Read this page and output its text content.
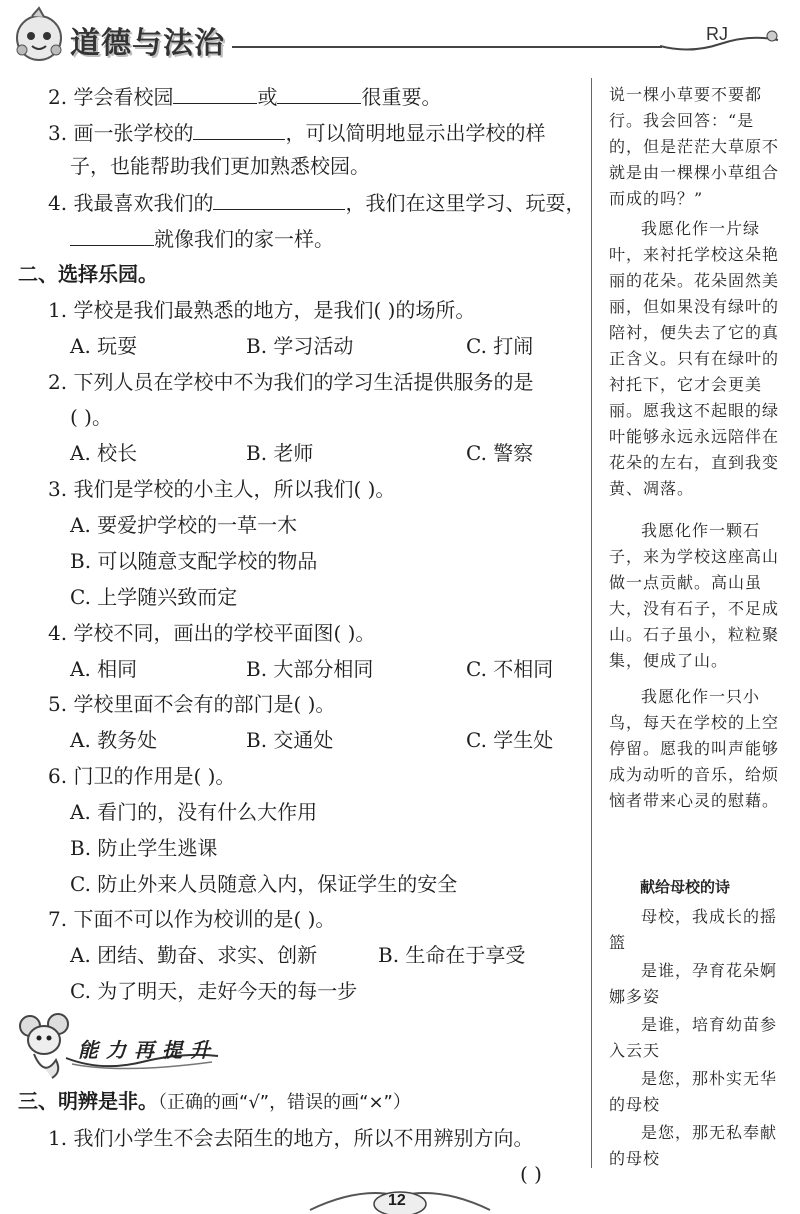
道德与法治	RJ
2. 学会看校园	或	很重要。
3. 画一张学校的	，可以简明地显示出学校的样
子，也能帮助我们更加熟悉校园。
4. 我最喜欢我们的	，我们在这里学习、玩耍，
就像我们的家一样。
二、选择乐园。
1. 学校是我们最熟悉的地方，是我们( )的场所。
A. 玩耍	B. 学习活动	C. 打闹
2. 下列人员在学校中不为我们的学习生活提供服务的是
( )。
A. 校长	B. 老师	C. 警察
3. 我们是学校的小主人，所以我们( )。
A. 要爱护学校的一草一木
B. 可以随意支配学校的物品
C. 上学随兴致而定
4. 学校不同，画出的学校平面图( )。
A. 相同	B. 大部分相同	C. 不相同
5. 学校里面不会有的部门是( )。
A. 教务处	B. 交通处	C. 学生处
6. 门卫的作用是( )。
A. 看门的，没有什么大作用
B. 防止学生逃课
C. 防止外来人员随意入内，保证学生的安全
7. 下面不可以作为校训的是( )。
A. 团结、勤奋、求实、创新	B. 生命在于享受
C. 为了明天，走好今天的每一步
能力再提升
三、明辨是非。（正确的画“√”，错误的画“×”）
1. 我们小学生不会去陌生的地方，所以不用辨别方向。
( )
说一棵小草要不要都行。我会回答：“是的，但是茫茫大草原不就是由一棵棵小草组合而成的吗？”
我愿化作一片绿叶，来衬托学校这朵艳丽的花朵。花朵固然美丽，但如果没有绿叶的陪衬，便失去了它的真正含义。只有在绿叶的衬托下，它才会更美丽。愿我这不起眼的绿叶能够永远永远陪伴在花朵的左右，直到我变黄、凋落。
我愿化作一颗石子，来为学校这座高山做一点贡献。高山虽大，没有石子，不足成山。石子虽小，粒粒聚集，便成了山。
我愿化作一只小鸟，每天在学校的上空停留。愿我的叫声能够成为动听的音乐，给烦恼者带来心灵的慰藉。
献给母校的诗
母校，我成长的摇篮
是谁，孕育花朵婀娜多姿
是谁，培育幼苗参入云天
是您，那朴实无华的母校
是您，那无私奉献的母校
12
